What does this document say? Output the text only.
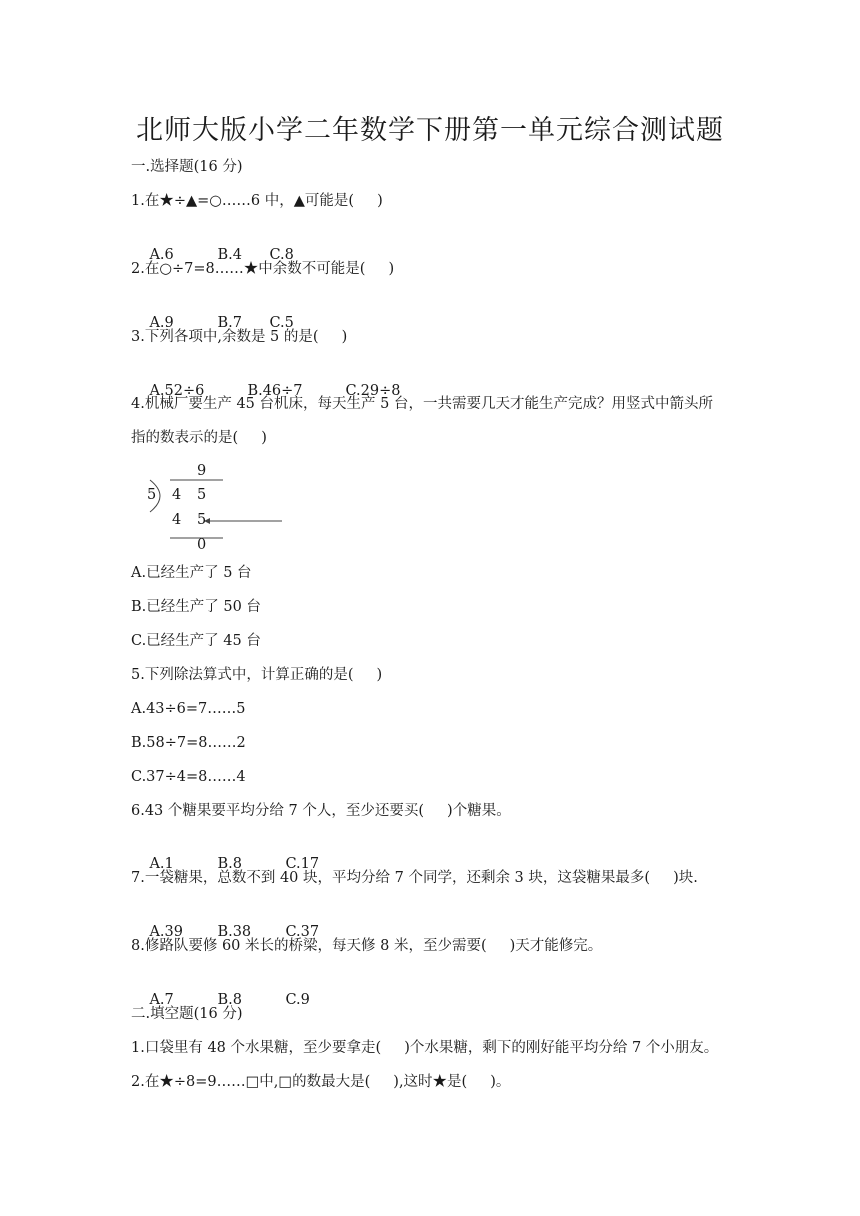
北师大版小学二年数学下册第一单元综合测试题
一.选择题(16 分)
1.在★÷▲=○……6 中，▲可能是(     )

A.6	B.4 C.8

2.在○÷7=8……★中余数不可能是(     )

A.9	B.7 C.5

3.下列各项中,余数是 5 的是(     )

A.52÷6	B.46÷7	C.29÷8

4.机械厂要生产 45 台机床，每天生产 5 台，一共需要几天才能生产完成？用竖式中箭头所
指的数表示的是(     )
9
5 4 5
4 5
0
A.已经生产了 5 台
B.已经生产了 50 台
C.已经生产了 45 台
5.下列除法算式中，计算正确的是(     )
A.43÷6=7……5
B.58÷7=8……2
C.37÷4=8……4
6.43 个糖果要平均分给 7 个人，至少还要买(     )个糖果。

A.1	B.8	C.17

7.一袋糖果，总数不到 40 块，平均分给 7 个同学，还剩余 3 块，这袋糖果最多(     )块.

A.39 B.38 C.37

8.修路队要修 60 米长的桥梁，每天修 8 米，至少需要(     )天才能修完。

A.7	B.8	C.9

二.填空题(16 分)
1.口袋里有 48 个水果糖，至少要拿走(     )个水果糖，剩下的刚好能平均分给 7 个小朋友。
2.在★÷8=9……□中,□的数最大是(     ),这时★是(     )。
